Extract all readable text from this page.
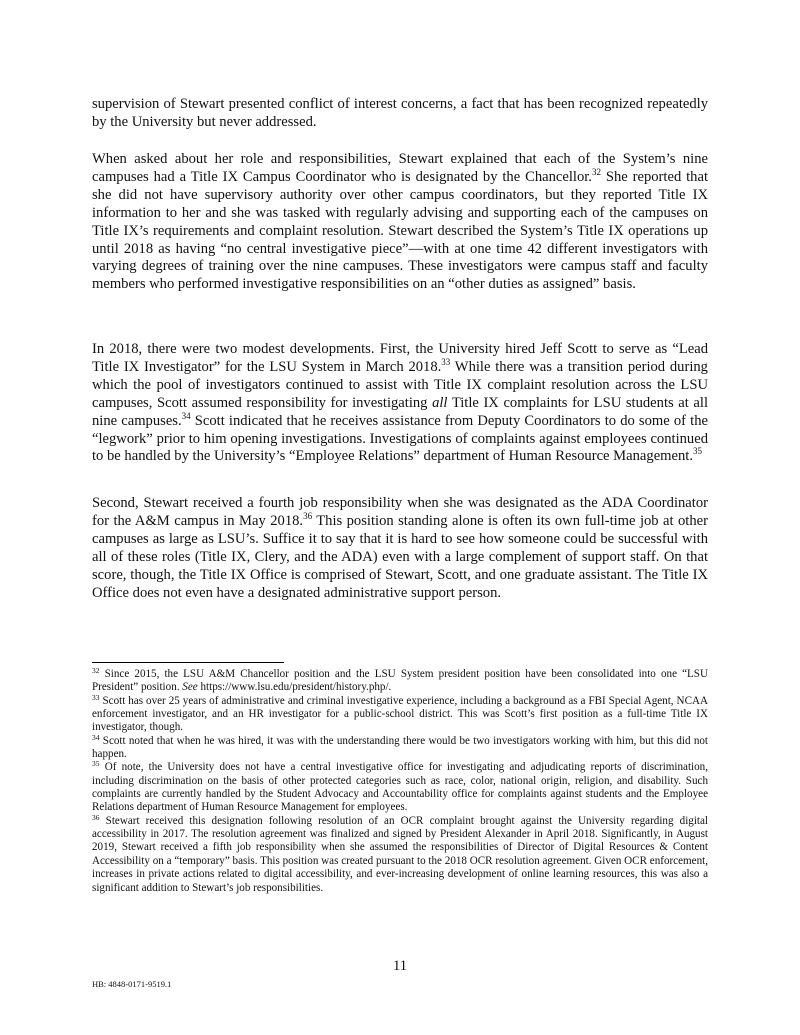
supervision of Stewart presented conflict of interest concerns, a fact that has been recognized repeatedly by the University but never addressed.

When asked about her role and responsibilities, Stewart explained that each of the System’s nine campuses had a Title IX Campus Coordinator who is designated by the Chancellor.$^{32}$ She reported that she did not have supervisory authority over other campus coordinators, but they reported Title IX information to her and she was tasked with regularly advising and supporting each of the campuses on Title IX’s requirements and complaint resolution. Stewart described the System’s Title IX operations up until 2018 as having “no central investigative piece”—with at one time 42 different investigators with varying degrees of training over the nine campuses. These investigators were campus staff and faculty members who performed investigative responsibilities on an “other duties as assigned” basis.

In 2018, there were two modest developments. First, the University hired Jeff Scott to serve as “Lead Title IX Investigator” for the LSU System in March 2018.33 While there was a transition period during which the pool of investigators continued to assist with Title IX complaint resolution across the LSU campuses, Scott assumed responsibility for investigating all Title IX complaints for LSU students at all nine campuses.$^{34}$ Scott indicated that he receives assistance from Deputy Coordinators to do some of the “legwork” prior to him opening investigations. Investigations of complaints against employees continued to be handled by the University’s “Employee Relations” department of Human Resource Management.$^{35}$

Second, Stewart received a fourth job responsibility when she was designated as the ADA Coordinator for the A&M campus in May 2018.36 This position standing alone is often its own full-time job at other campuses as large as LSU’s. Suffice it to say that it is hard to see how someone could be successful with all of these roles (Title IX, Clery, and the ADA) even with a large complement of support staff. On that score, though, the Title IX Office is comprised of Stewart, Scott, and one graduate assistant. The Title IX Office does not even have a designated administrative support person.

$^{32}$ Since 2015, the LSU A&M Chancellor position and the LSU System president position have been consolidated into one “LSU President” position. See https://www.lsu.edu/president/history.php/.

$^{33}$ Scott has over 25 years of administrative and criminal investigative experience, including a background as a FBI Special Agent, NCAA enforcement investigator, and an HR investigator for a public-school district. This was Scott’s first position as a full-time Title IX investigator, though.

$^{34}$ Scott noted that when he was hired, it was with the understanding there would be two investigators working with him, but this did not happen.

$^{35}$ Of note, the University does not have a central investigative office for investigating and adjudicating reports of discrimination, including discrimination on the basis of other protected categories such as race, color, national origin, religion, and disability. Such complaints are currently handled by the Student Advocacy and Accountability office for complaints against students and the Employee Relations department of Human Resource Management for employees.

$^{36}$ Stewart received this designation following resolution of an OCR complaint brought against the University regarding digital accessibility in 2017. The resolution agreement was finalized and signed by President Alexander in April 2018. Significantly, in August 2019, Stewart received a fifth job responsibility when she assumed the responsibilities of Director of Digital Resources & Content Accessibility on a “temporary” basis. This position was created pursuant to the 2018 OCR resolution agreement. Given OCR enforcement, increases in private actions related to digital accessibility, and ever-increasing development of online learning resources, this was also a significant addition to Stewart’s job responsibilities.

11
HB: 4848-0171-9519.1
